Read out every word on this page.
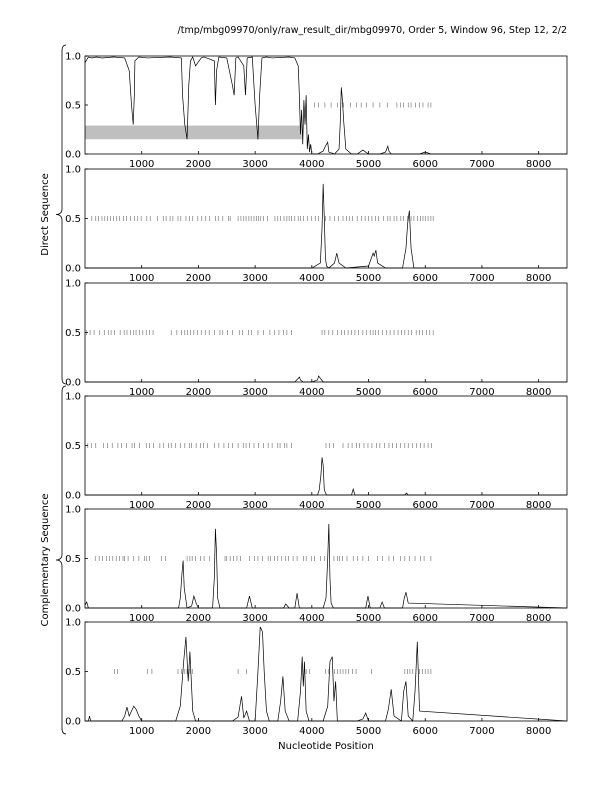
/tmp/mbg09970/only/raw_result_dir/mbg09970, Order 5, Window 96, Step 12, 2/2
0.0
0.5
1.0
1000	2000	3000	4000	5000	6000	7000	8000
0.0
0.5
1.0
1000	2000	3000	4000	5000	6000	7000	8000
0.0
0.5
1.0
1000	2000	3000	4000	5000	6000	7000	8000
0.0
0.5
1.0
1000	2000	3000	4000	5000	6000	7000	8000
0.0
0.5
1.0
1000	2000	3000	4000	5000	6000	7000	8000
0.0
0.5
1.0
1000	2000	3000	4000	5000	6000	7000	8000
Nucleotide Position
Direct Sequence
Complementary Sequence
